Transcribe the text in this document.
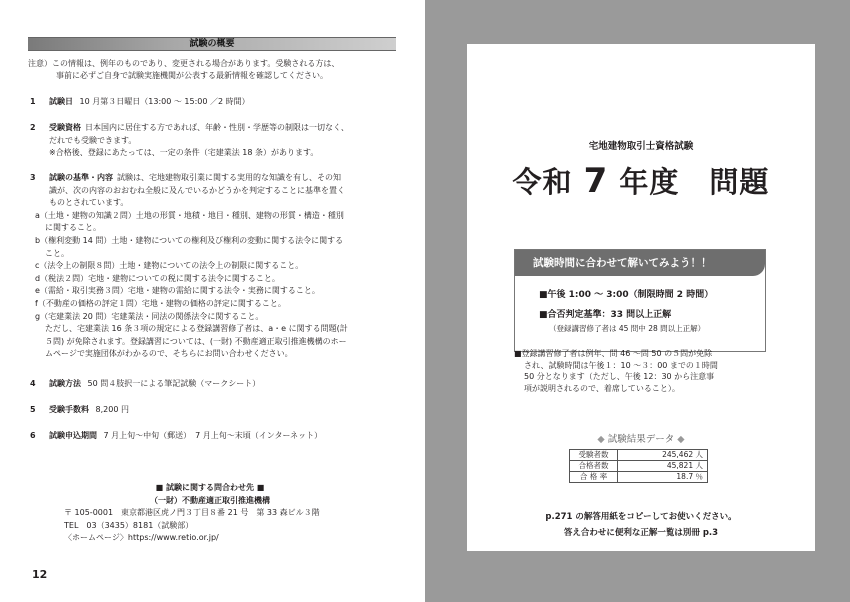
試験の概要
注意）この情報は、例年のものであり、変更される場合があります。受験される方は、
事前に必ずご自身で試験実施機関が公表する最新情報を確認してください。
1 試験日 10 月第３日曜日（13:00 〜 15:00 ／2 時間）
2 受験資格 日本国内に居住する方であれば、年齢・性別・学歴等の制限は一切なく、
だれでも受験できます。
※合格後、登録にあたっては、一定の条件（宅建業法 18 条）があります。
3 試験の基準・内容 試験は、宅地建物取引業に関する実用的な知識を有し、その知
識が、次の内容のおおむね全般に及んでいるかどうかを判定することに基準を置く
ものとされています。
a（土地・建物の知識２問）土地の形質・地積・地目・種別、建物の形質・構造・種別
に関すること。
b（権利変動 14 問）土地・建物についての権利及び権利の変動に関する法令に関する
こと。
c（法令上の制限８問）土地・建物についての法令上の制限に関すること。
d（税法２問）宅地・建物についての税に関する法令に関すること。
e（需給・取引実務３問）宅地・建物の需給に関する法令・実務に関すること。
f（不動産の価格の評定１問）宅地・建物の価格の評定に関すること。
g（宅建業法 20 問）宅建業法・同法の関係法令に関すること。
ただし、宅建業法 16 条３項の規定による登録講習修了者は、a・e に関する問題(計
５問) が免除されます。登録講習については、(一財) 不動産適正取引推進機構のホー
ムページで実施団体がわかるので、そちらにお問い合わせください。
4 試験方法 50 問４肢択一による筆記試験（マークシート）
5 受験手数料 8,200 円
6 試験申込期間 7 月上旬〜中旬（郵送）　7 月上旬〜末頃（インターネット）
■ 試験に関する問合わせ先 ■
（一財）不動産適正取引推進機構
〒 105-0001　東京都港区虎ノ門３丁目８番 21 号　第 33 森ビル３階
TEL　03（3435）8181（試験部）
〈ホームページ〉https://www.retio.or.jp/
12
宅地建物取引士資格試験
令和 7 年度　問題
試験時間に合わせて解いてみよう！！
■午後 1:00 〜 3:00（制限時間 2 時間）
■合否判定基準：33 問以上正解
（登録講習修了者は 45 問中 28 問以上正解）
■登録講習修了者は例年、問 46 〜問 50 の５問が免除

され、試験時間は午後１：10 〜３：00 までの１時間
50 分となります（ただし、午後 12：30 から注意事
項が説明されるので、着席していること）。
◆ 試験結果データ ◆
受験者数	245,462 人
合格者数	45,821 人
合 格 率	18.7 ％
p.271 の解答用紙をコピーしてお使いください。
答え合わせに便利な正解一覧は別冊 p.3
